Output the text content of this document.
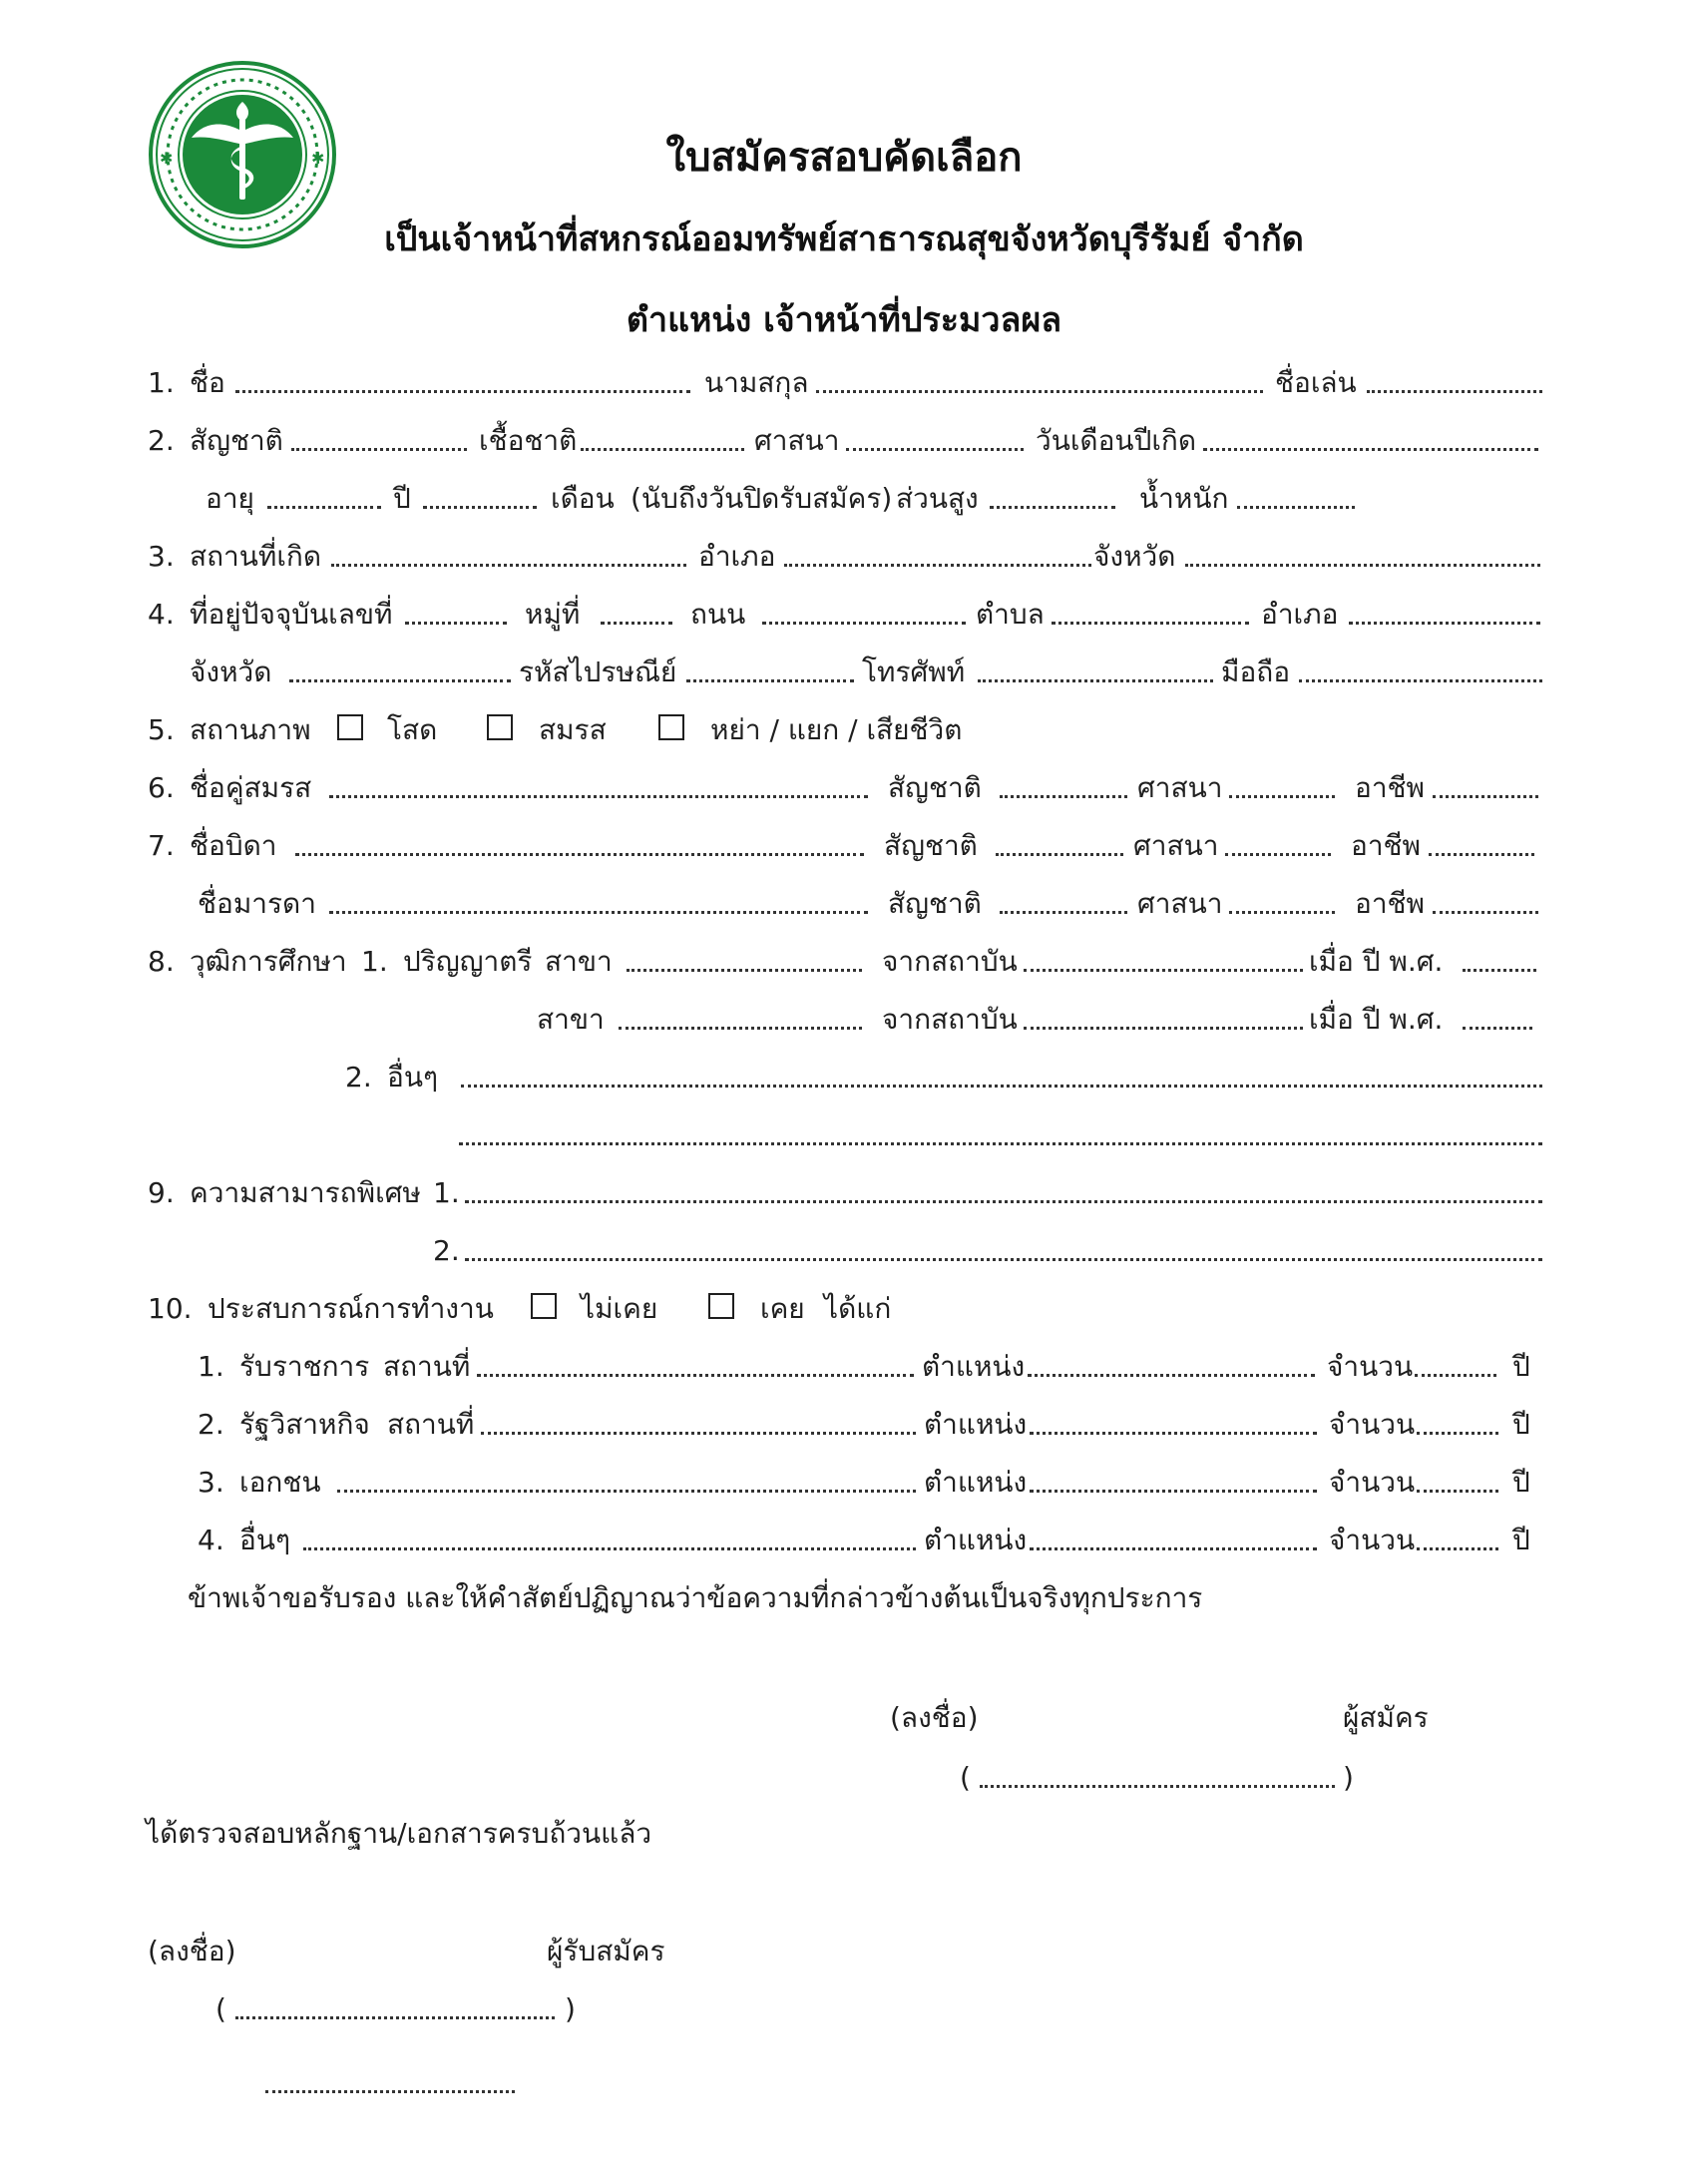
✱	✱	ใบสมัครสอบคัดเลือก
เป็นเจ้าหน้าที่สหกรณ์ออมทรัพย์สาธารณสุขจังหวัดบุรีรัมย์ จำกัด
ตำแหน่ง เจ้าหน้าที่ประมวลผล
1. ชื่อ	นามสกุล	ชื่อเล่น
2. สัญชาติ	เชื้อชาติ	ศาสนา	วันเดือนปีเกิด
อายุ	ปี	เดือน (นับถึงวันปิดรับสมัคร) ส่วนสูง	น้ำหนัก
3. สถานที่เกิด	อำเภอ	จังหวัด
4. ที่อยู่ปัจจุบันเลขที่	หมู่ที่	ถนน	ตำบล	อำเภอ
จังหวัด	รหัสไปรษณีย์	โทรศัพท์	มือถือ
5. สถานภาพ	โสด	สมรส	หย่า / แยก / เสียชีวิต
6. ชื่อคู่สมรส	สัญชาติ	ศาสนา	อาชีพ
7. ชื่อบิดา	สัญชาติ	ศาสนา	อาชีพ
ชื่อมารดา	สัญชาติ	ศาสนา	อาชีพ
8. วุฒิการศึกษา 1. ปริญญาตรี สาขา	จากสถาบัน	เมื่อ ปี พ.ศ.
สาขา	จากสถาบัน	เมื่อ ปี พ.ศ.
2. อื่นๆ
9. ความสามารถพิเศษ 1.
2.
10. ประสบการณ์การทำงาน	ไม่เคย	เคย ได้แก่
1. รับราชการ สถานที่	ตำแหน่ง	จำนวน	ปี
2. รัฐวิสาหกิจ สถานที่	ตำแหน่ง	จำนวน	ปี
3. เอกชน	ตำแหน่ง	จำนวน	ปี
4. อื่นๆ	ตำแหน่ง	จำนวน	ปี
ข้าพเจ้าขอรับรอง และให้คำสัตย์ปฏิญาณว่าข้อความที่กล่าวข้างต้นเป็นจริงทุกประการ
(ลงชื่อ)	ผู้สมัคร
(	)
ได้ตรวจสอบหลักฐาน/เอกสารครบถ้วนแล้ว
(ลงชื่อ)	ผู้รับสมัคร
(	)
